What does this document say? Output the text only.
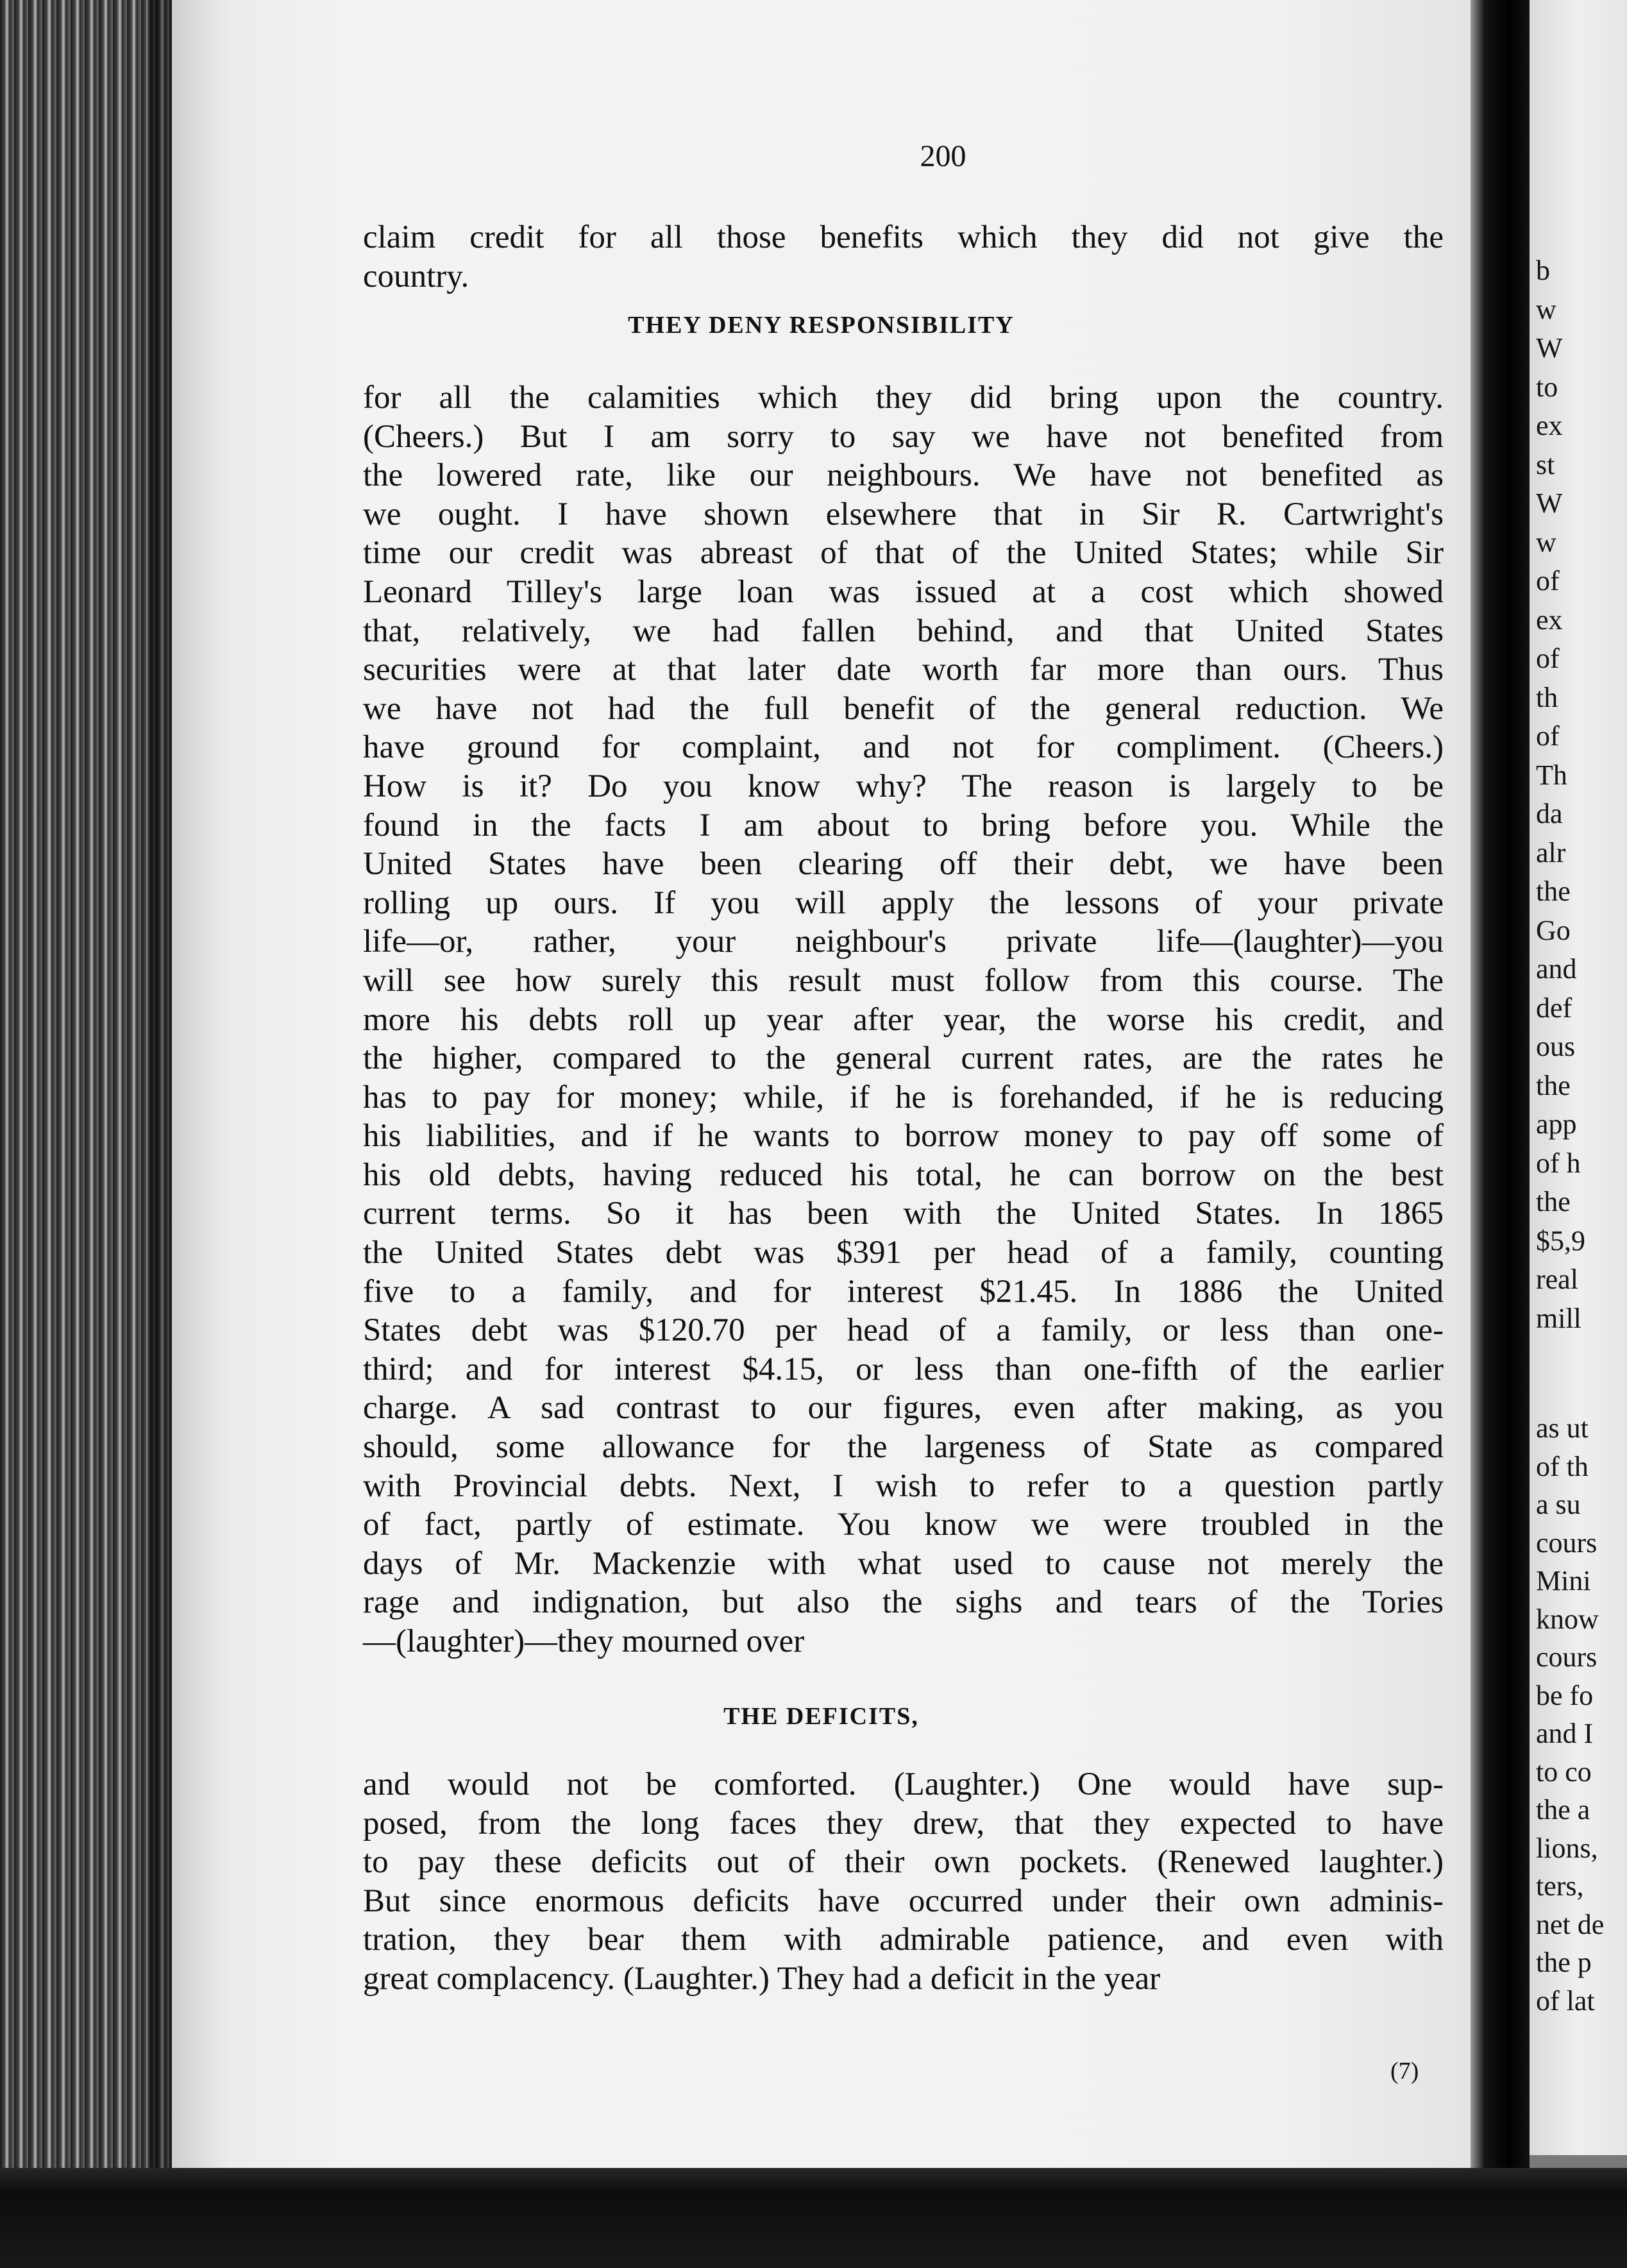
200
claim credit for all those benefits which they did not give the
country.
THEY DENY RESPONSIBILITY
for all the calamities which they did bring upon the country.
(Cheers.) But I am sorry to say we have not benefited from
the lowered rate, like our neighbours. We have not benefited as
we ought. I have shown elsewhere that in Sir R. Cartwright's
time our credit was abreast of that of the United States; while Sir
Leonard Tilley's large loan was issued at a cost which showed
that, relatively, we had fallen behind, and that United States
securities were at that later date worth far more than ours. Thus
we have not had the full benefit of the general reduction. We
have ground for complaint, and not for compliment. (Cheers.)
How is it? Do you know why? The reason is largely to be
found in the facts I am about to bring before you. While the
United States have been clearing off their debt, we have been
rolling up ours. If you will apply the lessons of your private
life—or, rather, your neighbour's private life—(laughter)—you
will see how surely this result must follow from this course. The
more his debts roll up year after year, the worse his credit, and
the higher, compared to the general current rates, are the rates he
has to pay for money; while, if he is forehanded, if he is reducing
his liabilities, and if he wants to borrow money to pay off some of
his old debts, having reduced his total, he can borrow on the best
current terms. So it has been with the United States. In 1865
the United States debt was $391 per head of a family, counting
five to a family, and for interest $21.45. In 1886 the United
States debt was $120.70 per head of a family, or less than one-
third; and for interest $4.15, or less than one-fifth of the earlier
charge. A sad contrast to our figures, even after making, as you
should, some allowance for the largeness of State as compared
with Provincial debts. Next, I wish to refer to a question partly
of fact, partly of estimate. You know we were troubled in the
days of Mr. Mackenzie with what used to cause not merely the
rage and indignation, but also the sighs and tears of the Tories
—(laughter)—they mourned over
THE DEFICITS,
and would not be comforted. (Laughter.) One would have sup-
posed, from the long faces they drew, that they expected to have
to pay these deficits out of their own pockets. (Renewed laughter.)
But since enormous deficits have occurred under their own adminis-
tration, they bear them with admirable patience, and even with
great complacency. (Laughter.) They had a deficit in the year
(7)
b
w
W
to
ex
st
W
w
of
ex
of
th
of
Th
da
alr
the
Go
and
def
ous
the
app
of h
the
$5,9
real
mill
as ut
of th
a su
cours
Mini
know
cours
be fo
and I
to co
the a
lions,
ters,
net de
the p
of lat
